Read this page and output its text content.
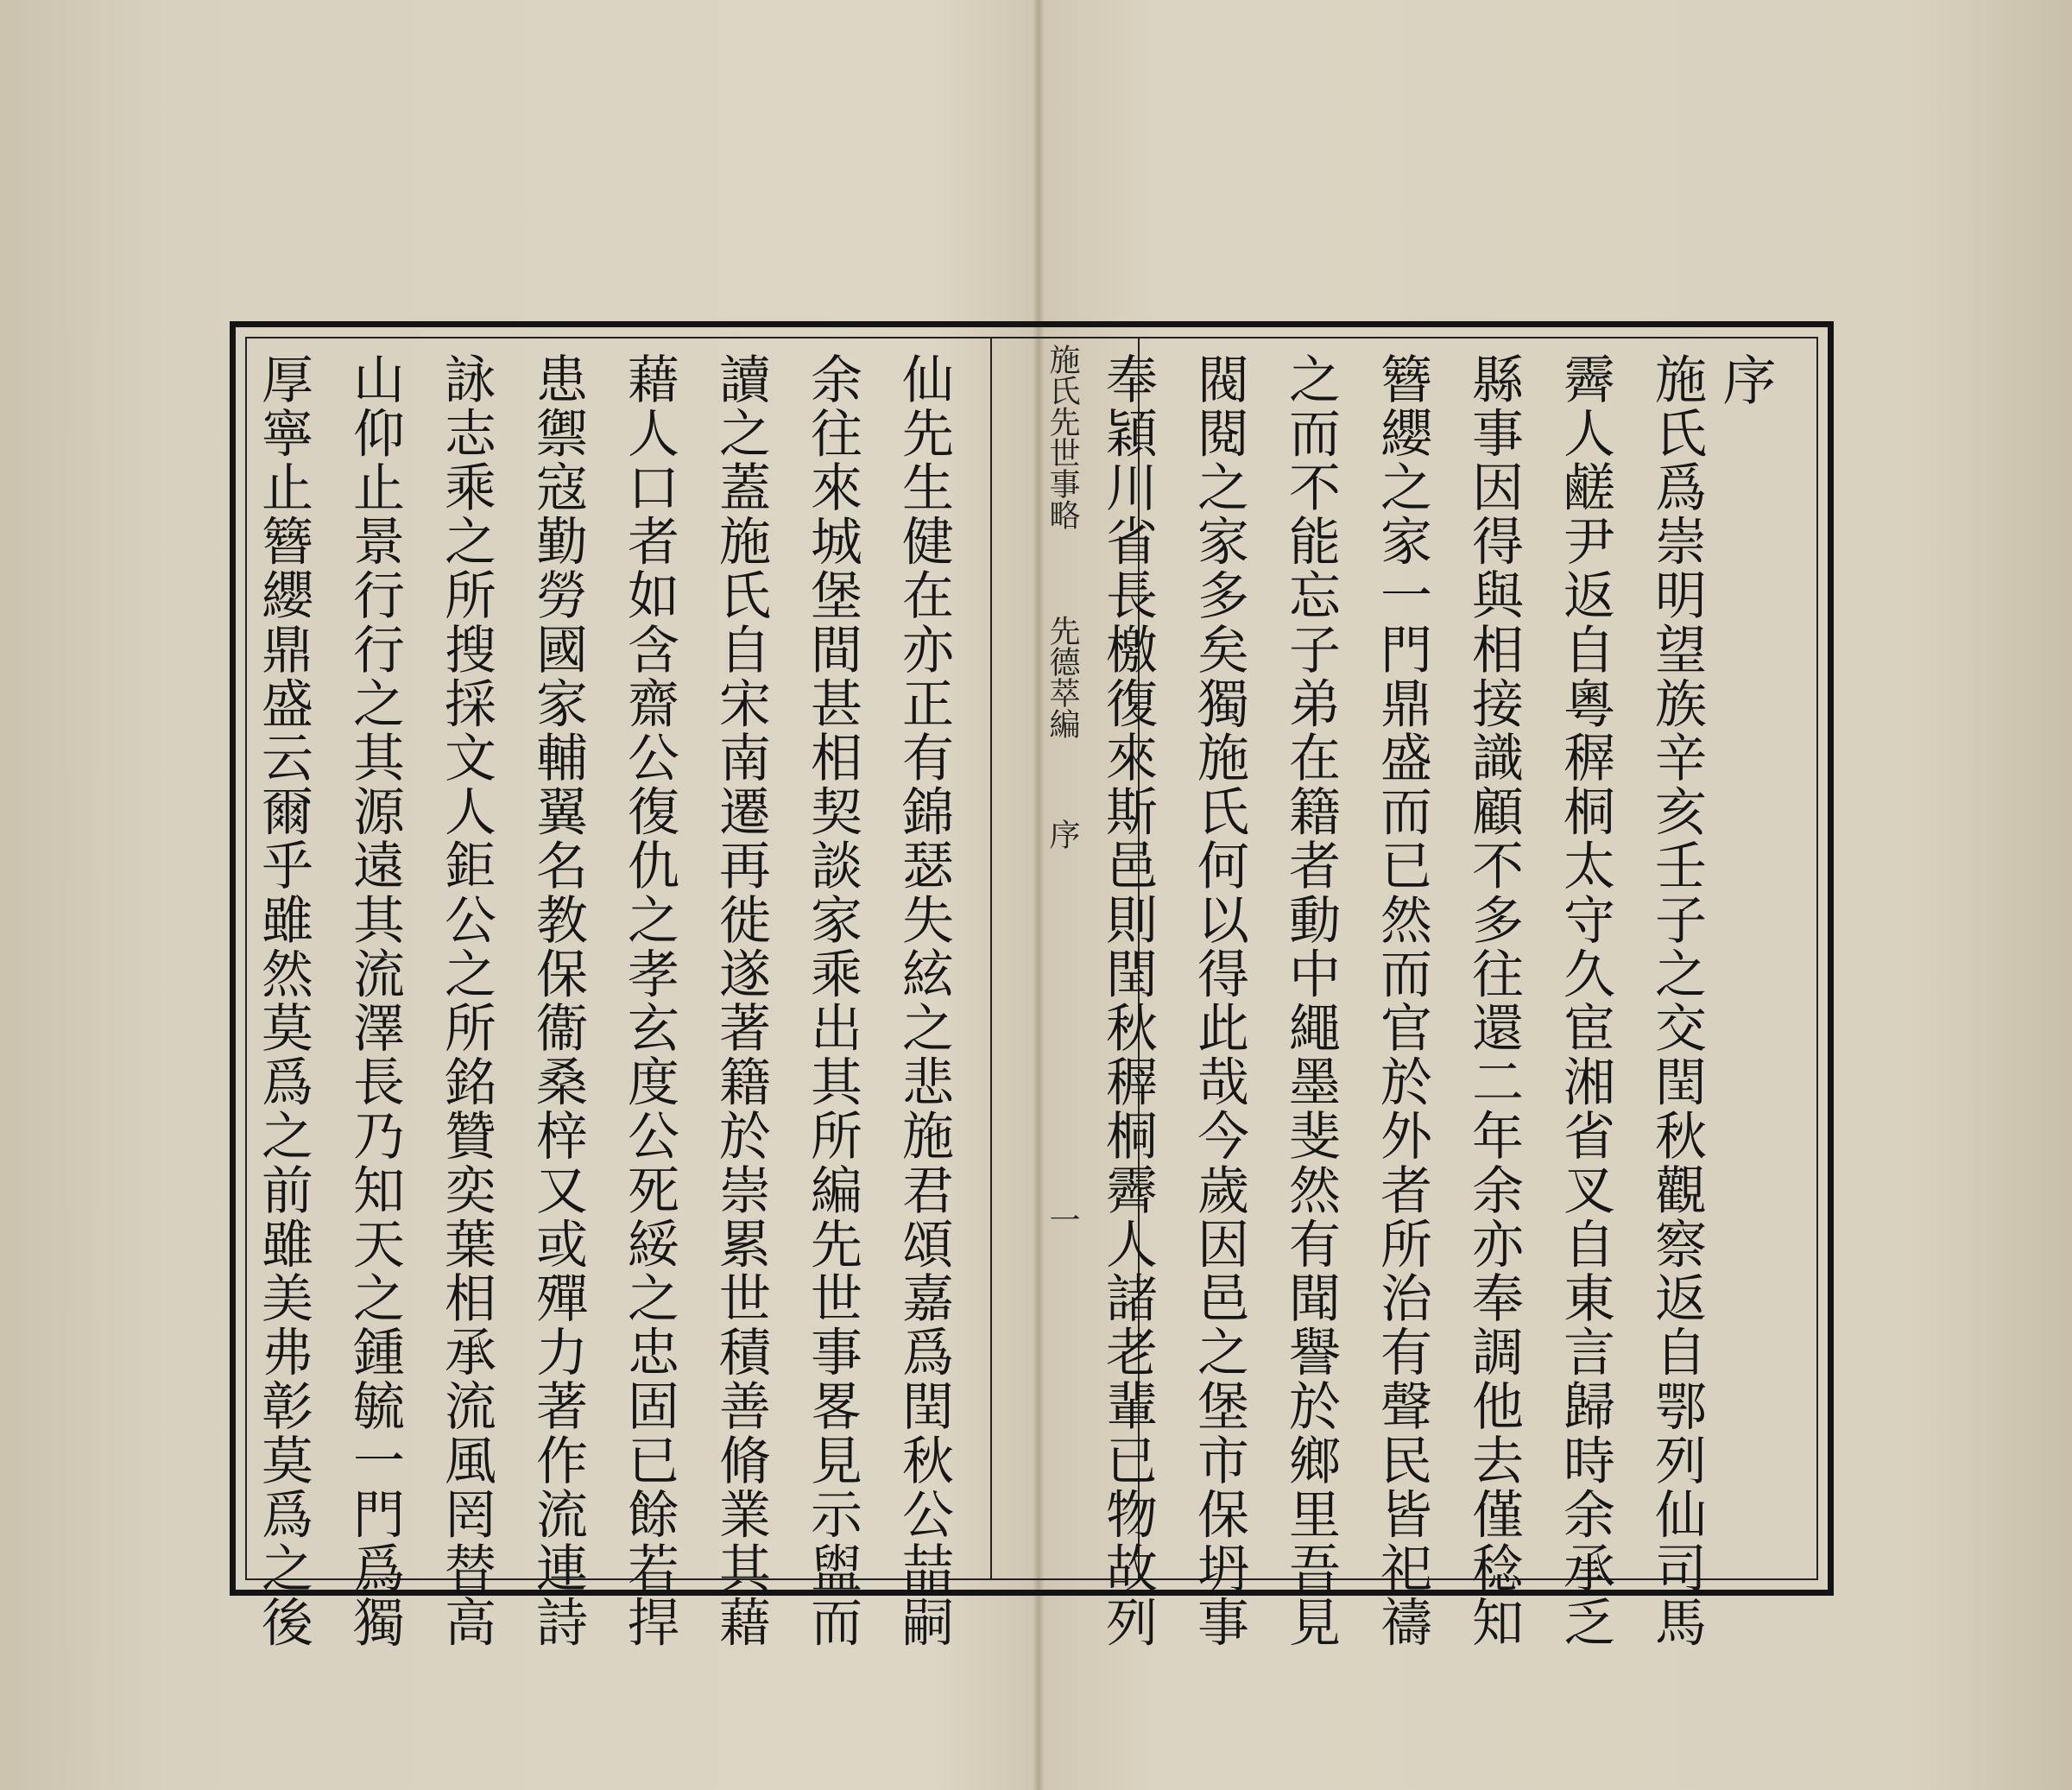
序
施氏爲崇明望族辛亥壬子之交閏秋觀察返自鄂列仙司馬
霽人鹺尹返自粵稺桐太守久宦湘省叉自東言歸時余承乏
縣事因得與相接識顧不多往還二年余亦奉調他去僅稔知
簪纓之家一門鼎盛而已然而官於外者所治有聲民皆祀禱
之而不能忘子弟在籍者動中繩墨斐然有聞譽於鄉里吾見
閥閱之家多矣獨施氏何以得此哉今歲因邑之堡市保坍事
奉穎川省長檄復來斯邑則閏秋稺桐霽人諸老輩已物故列
施氏先世事略
先德萃編
序
一
仙先生健在亦正有錦瑟失絃之悲施君頌嘉爲閏秋公喆嗣
余往來城堡間甚相契談家乘出其所編先世事畧見示盥而
讀之蓋施氏自宋南遷再徙遂著籍於崇累世積善脩業其藉
藉人口者如含齋公復仇之孝玄度公死綏之忠固已餘若捍
患禦寇勤勞國家輔翼名教保衞桑梓又或殫力著作流連詩
詠志乘之所搜採文人鉅公之所銘贊奕葉相承流風罔替高
山仰止景行行之其源遠其流澤長乃知天之鍾毓一門爲獨
厚寧止簪纓鼎盛云爾乎雖然莫爲之前雖美弗彰莫爲之後
